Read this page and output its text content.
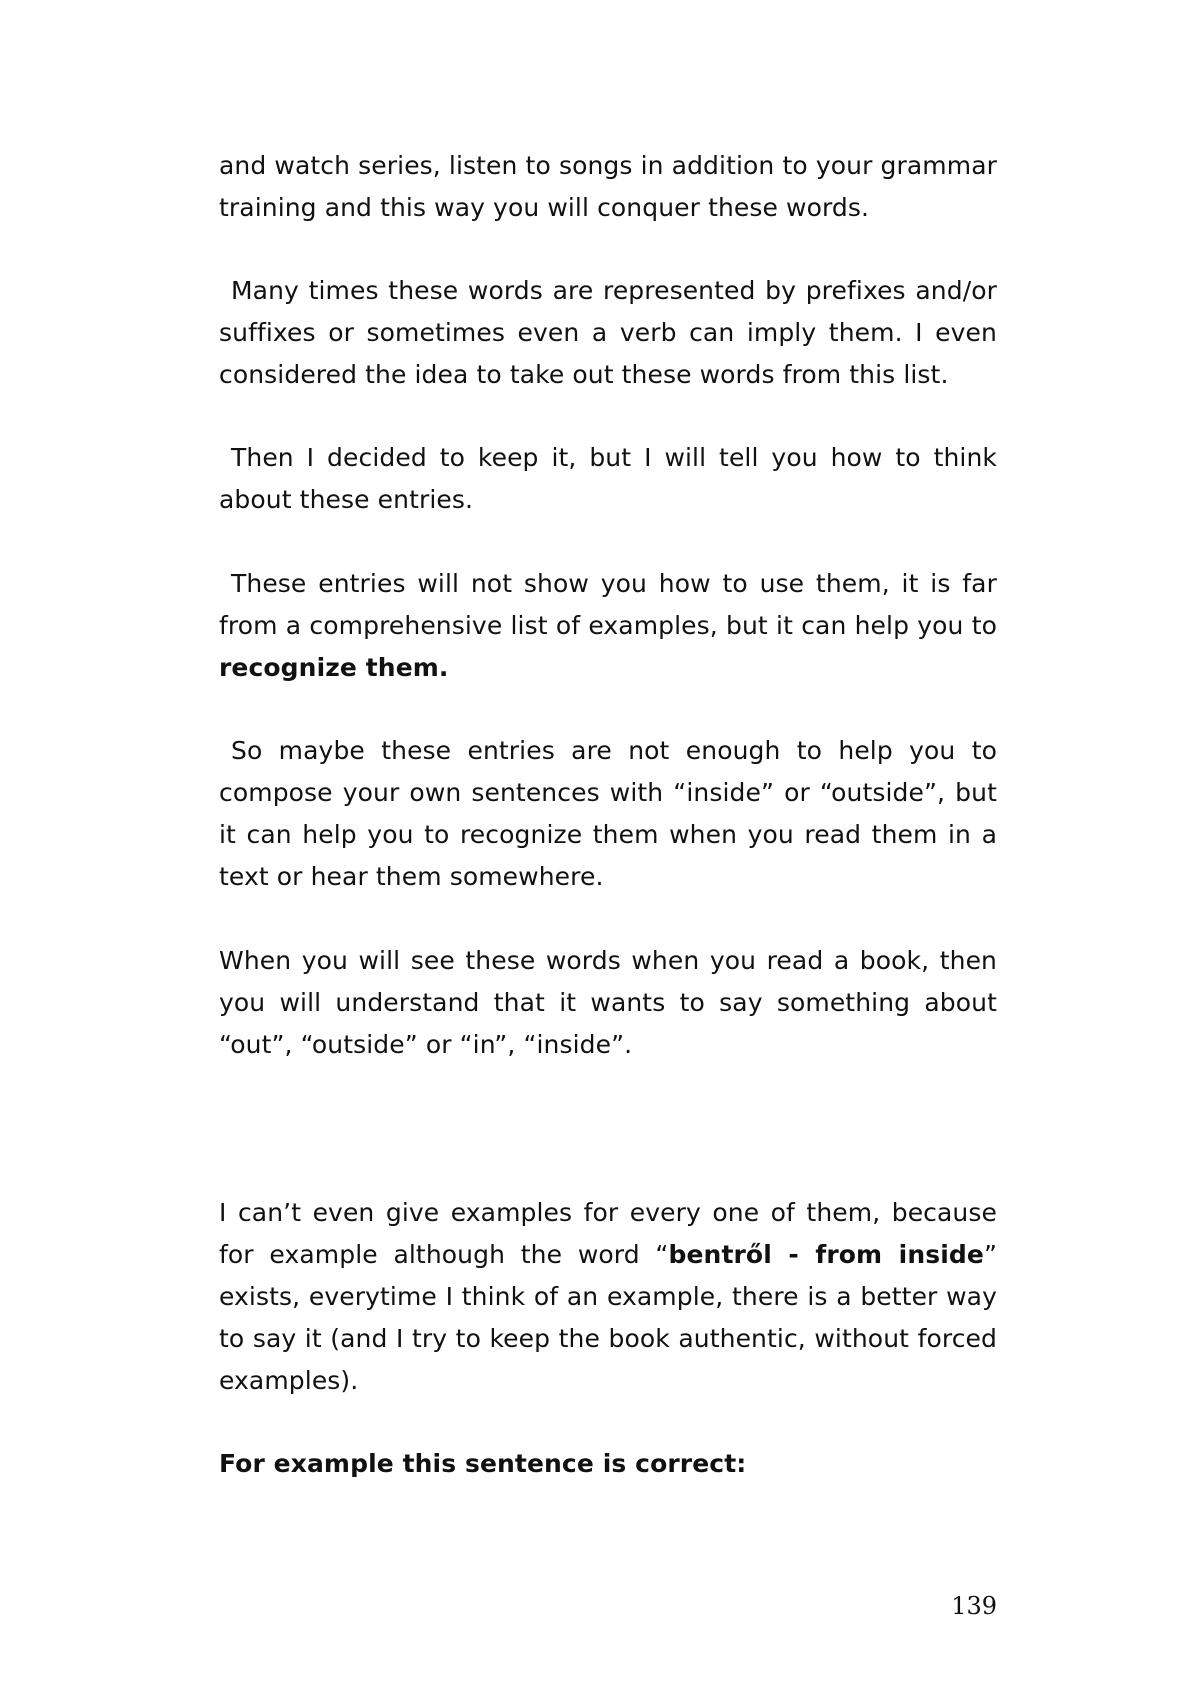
and watch series, listen to songs in addition to your grammar training and this way you will conquer these words.

Many times these words are represented by prefixes and/or suffixes or sometimes even a verb can imply them. I even considered the idea to take out these words from this list.

Then I decided to keep it, but I will tell you how to think about these entries.

These entries will not show you how to use them, it is far from a comprehensive list of examples, but it can help you to recognize them.

So maybe these entries are not enough to help you to compose your own sentences with “inside” or “outside”, but it can help you to recognize them when you read them in a text or hear them somewhere.

When you will see these words when you read a book, then you will understand that it wants to say something about “out”, “outside” or “in”, “inside”.

I can’t even give examples for every one of them, because for example although the word “bentről - from inside” exists, everytime I think of an example, there is a better way to say it (and I try to keep the book authentic, without forced examples).

For example this sentence is correct:

139
